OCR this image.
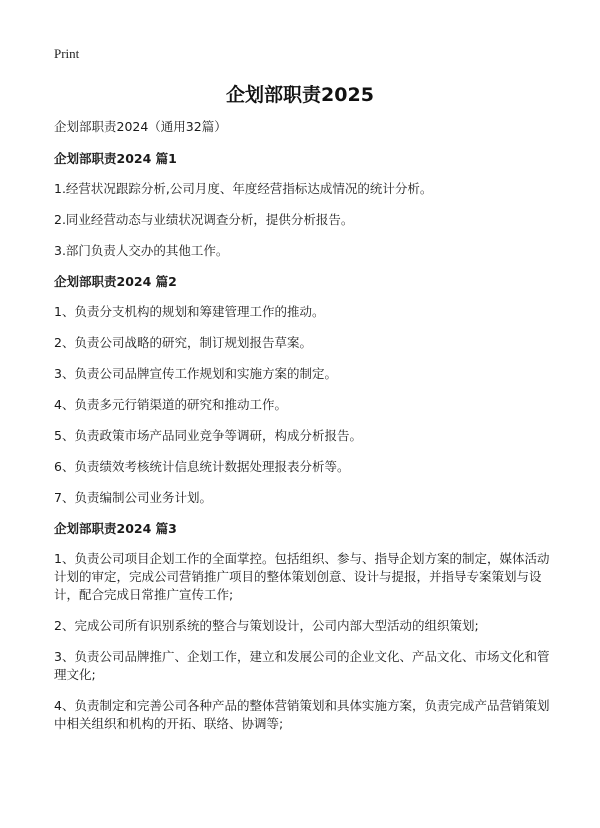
Print
企划部职责2025

企划部职责2024（通用32篇）

企划部职责2024 篇1

1.经营状况跟踪分析,公司月度、年度经营指标达成情况的统计分析。

2.同业经营动态与业绩状况调查分析，提供分析报告。

3.部门负责人交办的其他工作。

企划部职责2024 篇2

1、负责分支机构的规划和筹建管理工作的推动。

2、负责公司战略的研究，制订规划报告草案。

3、负责公司品牌宣传工作规划和实施方案的制定。

4、负责多元行销渠道的研究和推动工作。

5、负责政策市场产品同业竞争等调研，构成分析报告。

6、负责绩效考核统计信息统计数据处理报表分析等。

7、负责编制公司业务计划。

企划部职责2024 篇3

1、负责公司项目企划工作的全面掌控。包括组织、参与、指导企划方案的制定，媒体活动计划的审定，完成公司营销推广项目的整体策划创意、设计与提报，并指导专案策划与设计，配合完成日常推广宣传工作;

2、完成公司所有识别系统的整合与策划设计，公司内部大型活动的组织策划;

3、负责公司品牌推广、企划工作，建立和发展公司的企业文化、产品文化、市场文化和管理文化;

4、负责制定和完善公司各种产品的整体营销策划和具体实施方案，负责完成产品营销策划中相关组织和机构的开拓、联络、协调等;
